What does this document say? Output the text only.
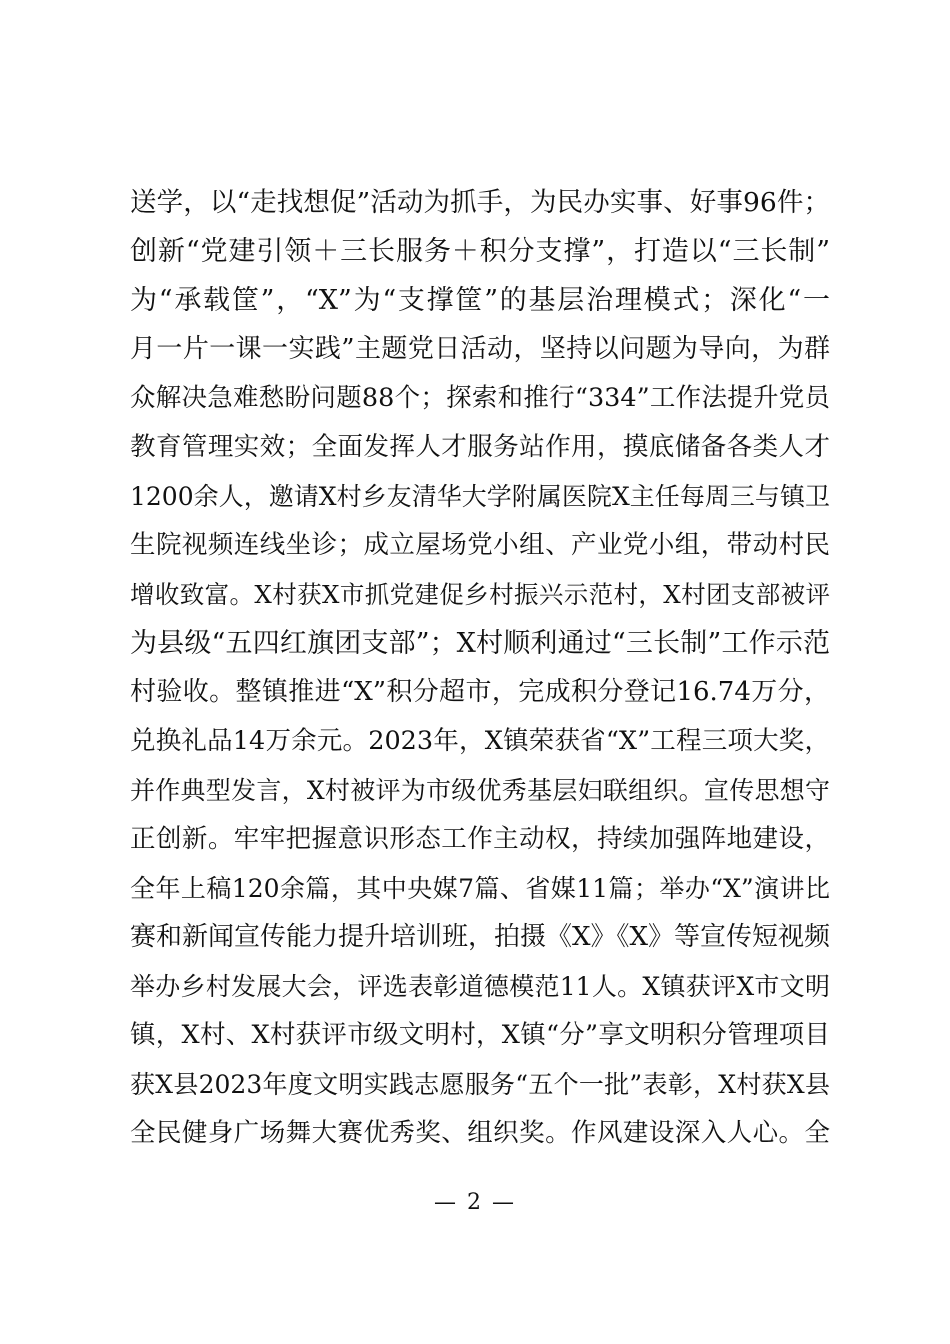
送学，以“走找想促”活动为抓手，为民办实事、好事96件；
创新“党建引领＋三长服务＋积分支撑”，打造以“三长制”
为“承载筐”，“X”为“支撑筐”的基层治理模式；深化“一
月一片一课一实践”主题党日活动，坚持以问题为导向，为群
众解决急难愁盼问题88个；探索和推行“334”工作法提升党员
教育管理实效；全面发挥人才服务站作用，摸底储备各类人才
1200余人，邀请X村乡友清华大学附属医院X主任每周三与镇卫
生院视频连线坐诊；成立屋场党小组、产业党小组，带动村民
增收致富。X村获X市抓党建促乡村振兴示范村，X村团支部被评
为县级“五四红旗团支部”；X村顺利通过“三长制”工作示范
村验收。整镇推进“X”积分超市，完成积分登记16.74万分，
兑换礼品14万余元。2023年，X镇荣获省“X”工程三项大奖，
并作典型发言，X村被评为市级优秀基层妇联组织。宣传思想守
正创新。牢牢把握意识形态工作主动权，持续加强阵地建设，
全年上稿120余篇，其中央媒7篇、省媒11篇；举办“X”演讲比
赛和新闻宣传能力提升培训班，拍摄《X》《X》等宣传短视频
举办乡村发展大会，评选表彰道德模范11人。X镇获评X市文明
镇，X村、X村获评市级文明村，X镇“分”享文明积分管理项目
获X县2023年度文明实践志愿服务“五个一批”表彰，X村获X县
全民健身广场舞大赛优秀奖、组织奖。作风建设深入人心。全
— 2 —
